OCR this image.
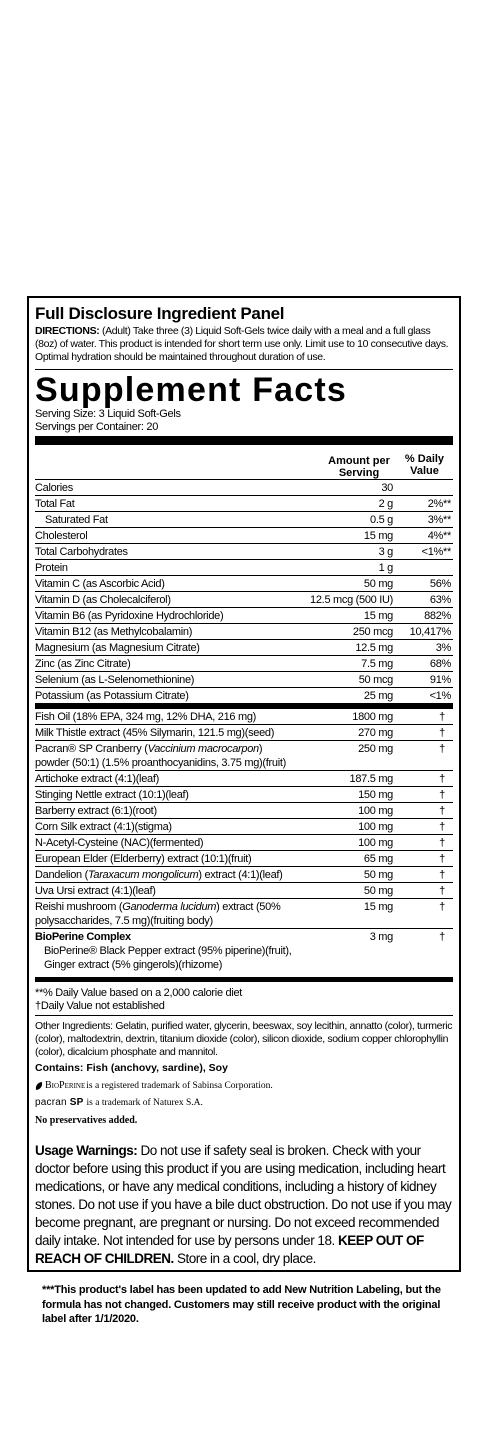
Full Disclosure Ingredient Panel
DIRECTIONS: (Adult) Take three (3) Liquid Soft-Gels twice daily with a meal and a full glass (8oz) of water. This product is intended for short term use only. Limit use to 10 consecutive days. Optimal hydration should be maintained throughout duration of use.
Supplement Facts
Serving Size: 3 Liquid Soft-Gels
Servings per Container: 20
Amount per
Serving
% Daily
Value
Calories	30
Total Fat	2 g	2%**
Saturated Fat	0.5 g	3%**
Cholesterol	15 mg	4%**
Total Carbohydrates	3 g	<1%**
Protein	1 g
Vitamin C (as Ascorbic Acid)	50 mg	56%
Vitamin D (as Cholecalciferol)	12.5 mcg (500 IU)	63%
Vitamin B6 (as Pyridoxine Hydrochloride)	15 mg	882%
Vitamin B12 (as Methylcobalamin)	250 mcg	10,417%
Magnesium (as Magnesium Citrate)	12.5 mg	3%
Zinc (as Zinc Citrate)	7.5 mg	68%
Selenium (as L-Selenomethionine)	50 mcg	91%
Potassium (as Potassium Citrate)	25 mg	<1%
Fish Oil (18% EPA, 324 mg, 12% DHA, 216 mg)	1800 mg	†
Milk Thistle extract (45% Silymarin, 121.5 mg)(seed)	270 mg	†
Pacran® SP Cranberry (Vaccinium macrocarpon) powder (50:1) (1.5% proanthocyanidins, 3.75 mg)(fruit)
250 mg	†
Artichoke extract (4:1)(leaf)	187.5 mg	†
Stinging Nettle extract (10:1)(leaf)	150 mg	†
Barberry extract (6:1)(root)	100 mg	†
Corn Silk extract (4:1)(stigma)	100 mg	†
N-Acetyl-Cysteine (NAC)(fermented)	100 mg	†
European Elder (Elderberry) extract (10:1)(fruit)	65 mg	†
Dandelion (Taraxacum mongolicum) extract (4:1)(leaf)	50 mg	†
Uva Ursi extract (4:1)(leaf)	50 mg	†
Reishi mushroom (Ganoderma lucidum) extract (50% polysaccharides, 7.5 mg)(fruiting body)
15 mg	†
BioPerine Complex
BioPerine® Black Pepper extract (95% piperine)(fruit),
Ginger extract (5% gingerols)(rhizome)
3 mg	†
**% Daily Value based on a 2,000 calorie diet
†Daily Value not established
Other Ingredients: Gelatin, purified water, glycerin, beeswax, soy lecithin, annatto (color), turmeric (color), maltodextrin, dextrin, titanium dioxide (color), silicon dioxide, sodium copper chlorophyllin (color), dicalcium phosphate and mannitol.
Contains: Fish (anchovy, sardine), Soy
BioPerine is a registered trademark of Sabinsa Corporation.
pacran SP is a trademark of Naturex S.A.
No preservatives added.
Usage Warnings: Do not use if safety seal is broken. Check with your doctor before using this product if you are using medication, including heart medications, or have any medical conditions, including a history of kidney stones. Do not use if you have a bile duct obstruction. Do not use if you may become pregnant, are pregnant or nursing. Do not exceed recommended daily intake. Not intended for use by persons under 18. KEEP OUT OF REACH OF CHILDREN. Store in a cool, dry place.
***This product's label has been updated to add New Nutrition Labeling, but the formula has not changed. Customers may still receive product with the original label after 1/1/2020.
